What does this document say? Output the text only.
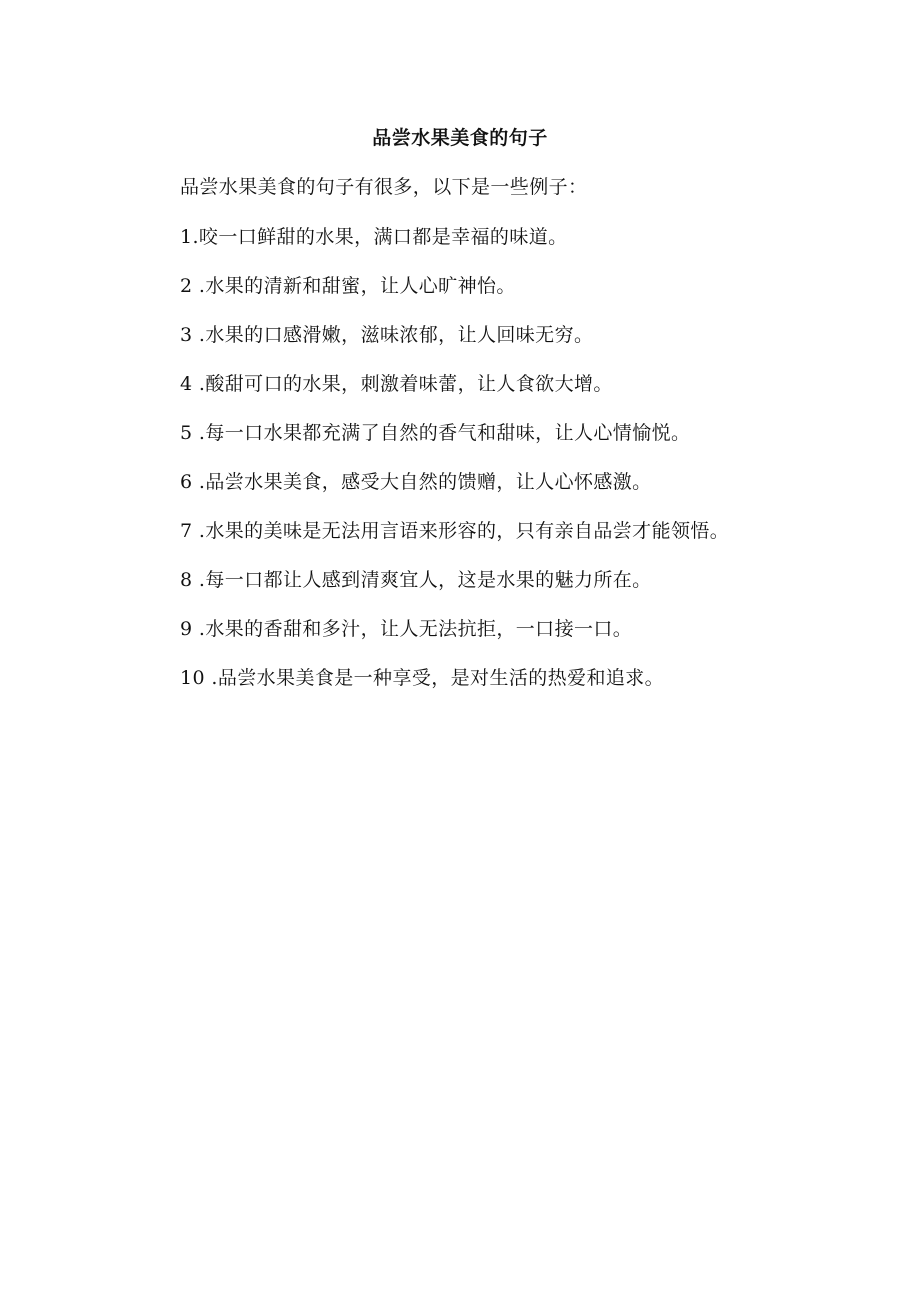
品尝水果美食的句子
品尝水果美食的句子有很多，以下是一些例子：
1.咬一口鲜甜的水果，满口都是幸福的味道。
2 .水果的清新和甜蜜，让人心旷神怡。
3 .水果的口感滑嫩，滋味浓郁，让人回味无穷。
4 .酸甜可口的水果，刺激着味蕾，让人食欲大增。
5 .每一口水果都充满了自然的香气和甜味，让人心情愉悦。
6 .品尝水果美食，感受大自然的馈赠，让人心怀感激。
7 .水果的美味是无法用言语来形容的，只有亲自品尝才能领悟。
8 .每一口都让人感到清爽宜人，这是水果的魅力所在。
9 .水果的香甜和多汁，让人无法抗拒，一口接一口。
10 .品尝水果美食是一种享受，是对生活的热爱和追求。
